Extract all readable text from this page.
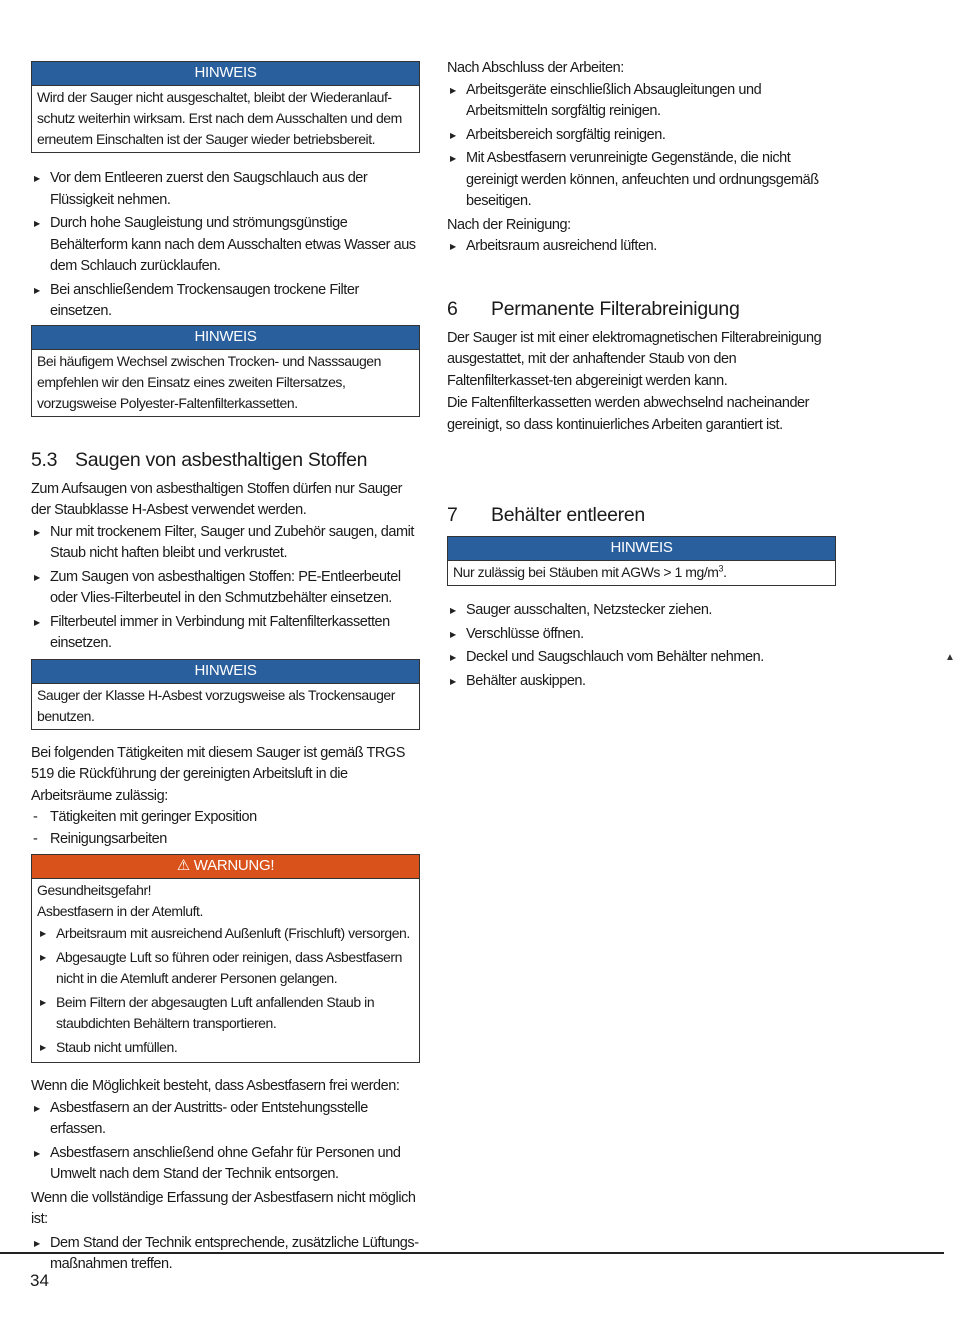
HINWEIS

Wird der Sauger nicht ausgeschaltet, bleibt der Wiederanlauf-schutz weiterhin wirksam. Erst nach dem Ausschalten und dem erneutem Einschalten ist der Sauger wieder betriebsbereit.

▶ Vor dem Entleeren zuerst den Saugschlauch aus der Flüssigkeit nehmen.
▶ Durch hohe Saugleistung und strömungsgünstige Behälterform kann nach dem Ausschalten etwas Wasser aus dem Schlauch zurücklaufen.
▶ Bei anschließendem Trockensaugen trockene Filter einsetzen.
HINWEIS

Bei häufigem Wechsel zwischen Trocken- und Nasssaugen empfehlen wir den Einsatz eines zweiten Filtersatzes, vorzugsweise Polyester-Faltenfilterkassetten.

5.3 Saugen von asbesthaltigen Stoffen

Zum Aufsaugen von asbesthaltigen Stoffen dürfen nur Sauger der Staubklasse H-Asbest verwendet werden.

▶ Nur mit trockenem Filter, Sauger und Zubehör saugen, damit Staub nicht haften bleibt und verkrustet.
▶ Zum Saugen von asbesthaltigen Stoffen: PE-Entleerbeutel oder Vlies-Filterbeutel in den Schmutzbehälter einsetzen.
▶ Filterbeutel immer in Verbindung mit Faltenfilterkassetten einsetzen.
HINWEIS

Sauger der Klasse H-Asbest vorzugsweise als Trockensauger benutzen.

Bei folgenden Tätigkeiten mit diesem Sauger ist gemäß TRGS 519 die Rückführung der gereinigten Arbeitsluft in die Arbeitsräume zulässig:

- Tätigkeiten mit geringer Exposition
- Reinigungsarbeiten
⚠ WARNUNG!

Gesundheitsgefahr!

Asbestfasern in der Atemluft.

▶ Arbeitsraum mit ausreichend Außenluft (Frischluft) versorgen.
▶ Abgesaugte Luft so führen oder reinigen, dass Asbestfasern nicht in die Atemluft anderer Personen gelangen.
▶ Beim Filtern der abgesaugten Luft anfallenden Staub in staubdichten Behältern transportieren.
▶ Staub nicht umfüllen.

Wenn die Möglichkeit besteht, dass Asbestfasern frei werden:

▶ Asbestfasern an der Austritts- oder Entstehungsstelle erfassen.
▶ Asbestfasern anschließend ohne Gefahr für Personen und Umwelt nach dem Stand der Technik entsorgen.

Wenn die vollständige Erfassung der Asbestfasern nicht möglich ist:

▶ Dem Stand der Technik entsprechende, zusätzliche Lüftungs-maßnahmen treffen.

Nach Abschluss der Arbeiten:

▶ Arbeitsgeräte einschließlich Absaugleitungen und Arbeitsmitteln sorgfältig reinigen.
▶ Arbeitsbereich sorgfältig reinigen.
▶ Mit Asbestfasern verunreinigte Gegenstände, die nicht gereinigt werden können, anfeuchten und ordnungsgemäß beseitigen.

Nach der Reinigung:

▶ Arbeitsraum ausreichend lüften.
6	Permanente Filterabreinigung

Der Sauger ist mit einer elektromagnetischen Filterabreinigung ausgestattet, mit der anhaftender Staub von den Faltenfilterkasset-ten abgereinigt werden kann.

Die Faltenfilterkassetten werden abwechselnd nacheinander gereinigt, so dass kontinuierliches Arbeiten garantiert ist.

7	Behälter entleeren
HINWEIS

Nur zulässig bei Stäuben mit AGWs > 1 $mg/m^3$.

▶ Sauger ausschalten, Netzstecker ziehen.
▶ Verschlüsse öffnen.
▶ Deckel und Saugschlauch vom Behälter nehmen.
▶ Behälter auskippen.
34
▲
